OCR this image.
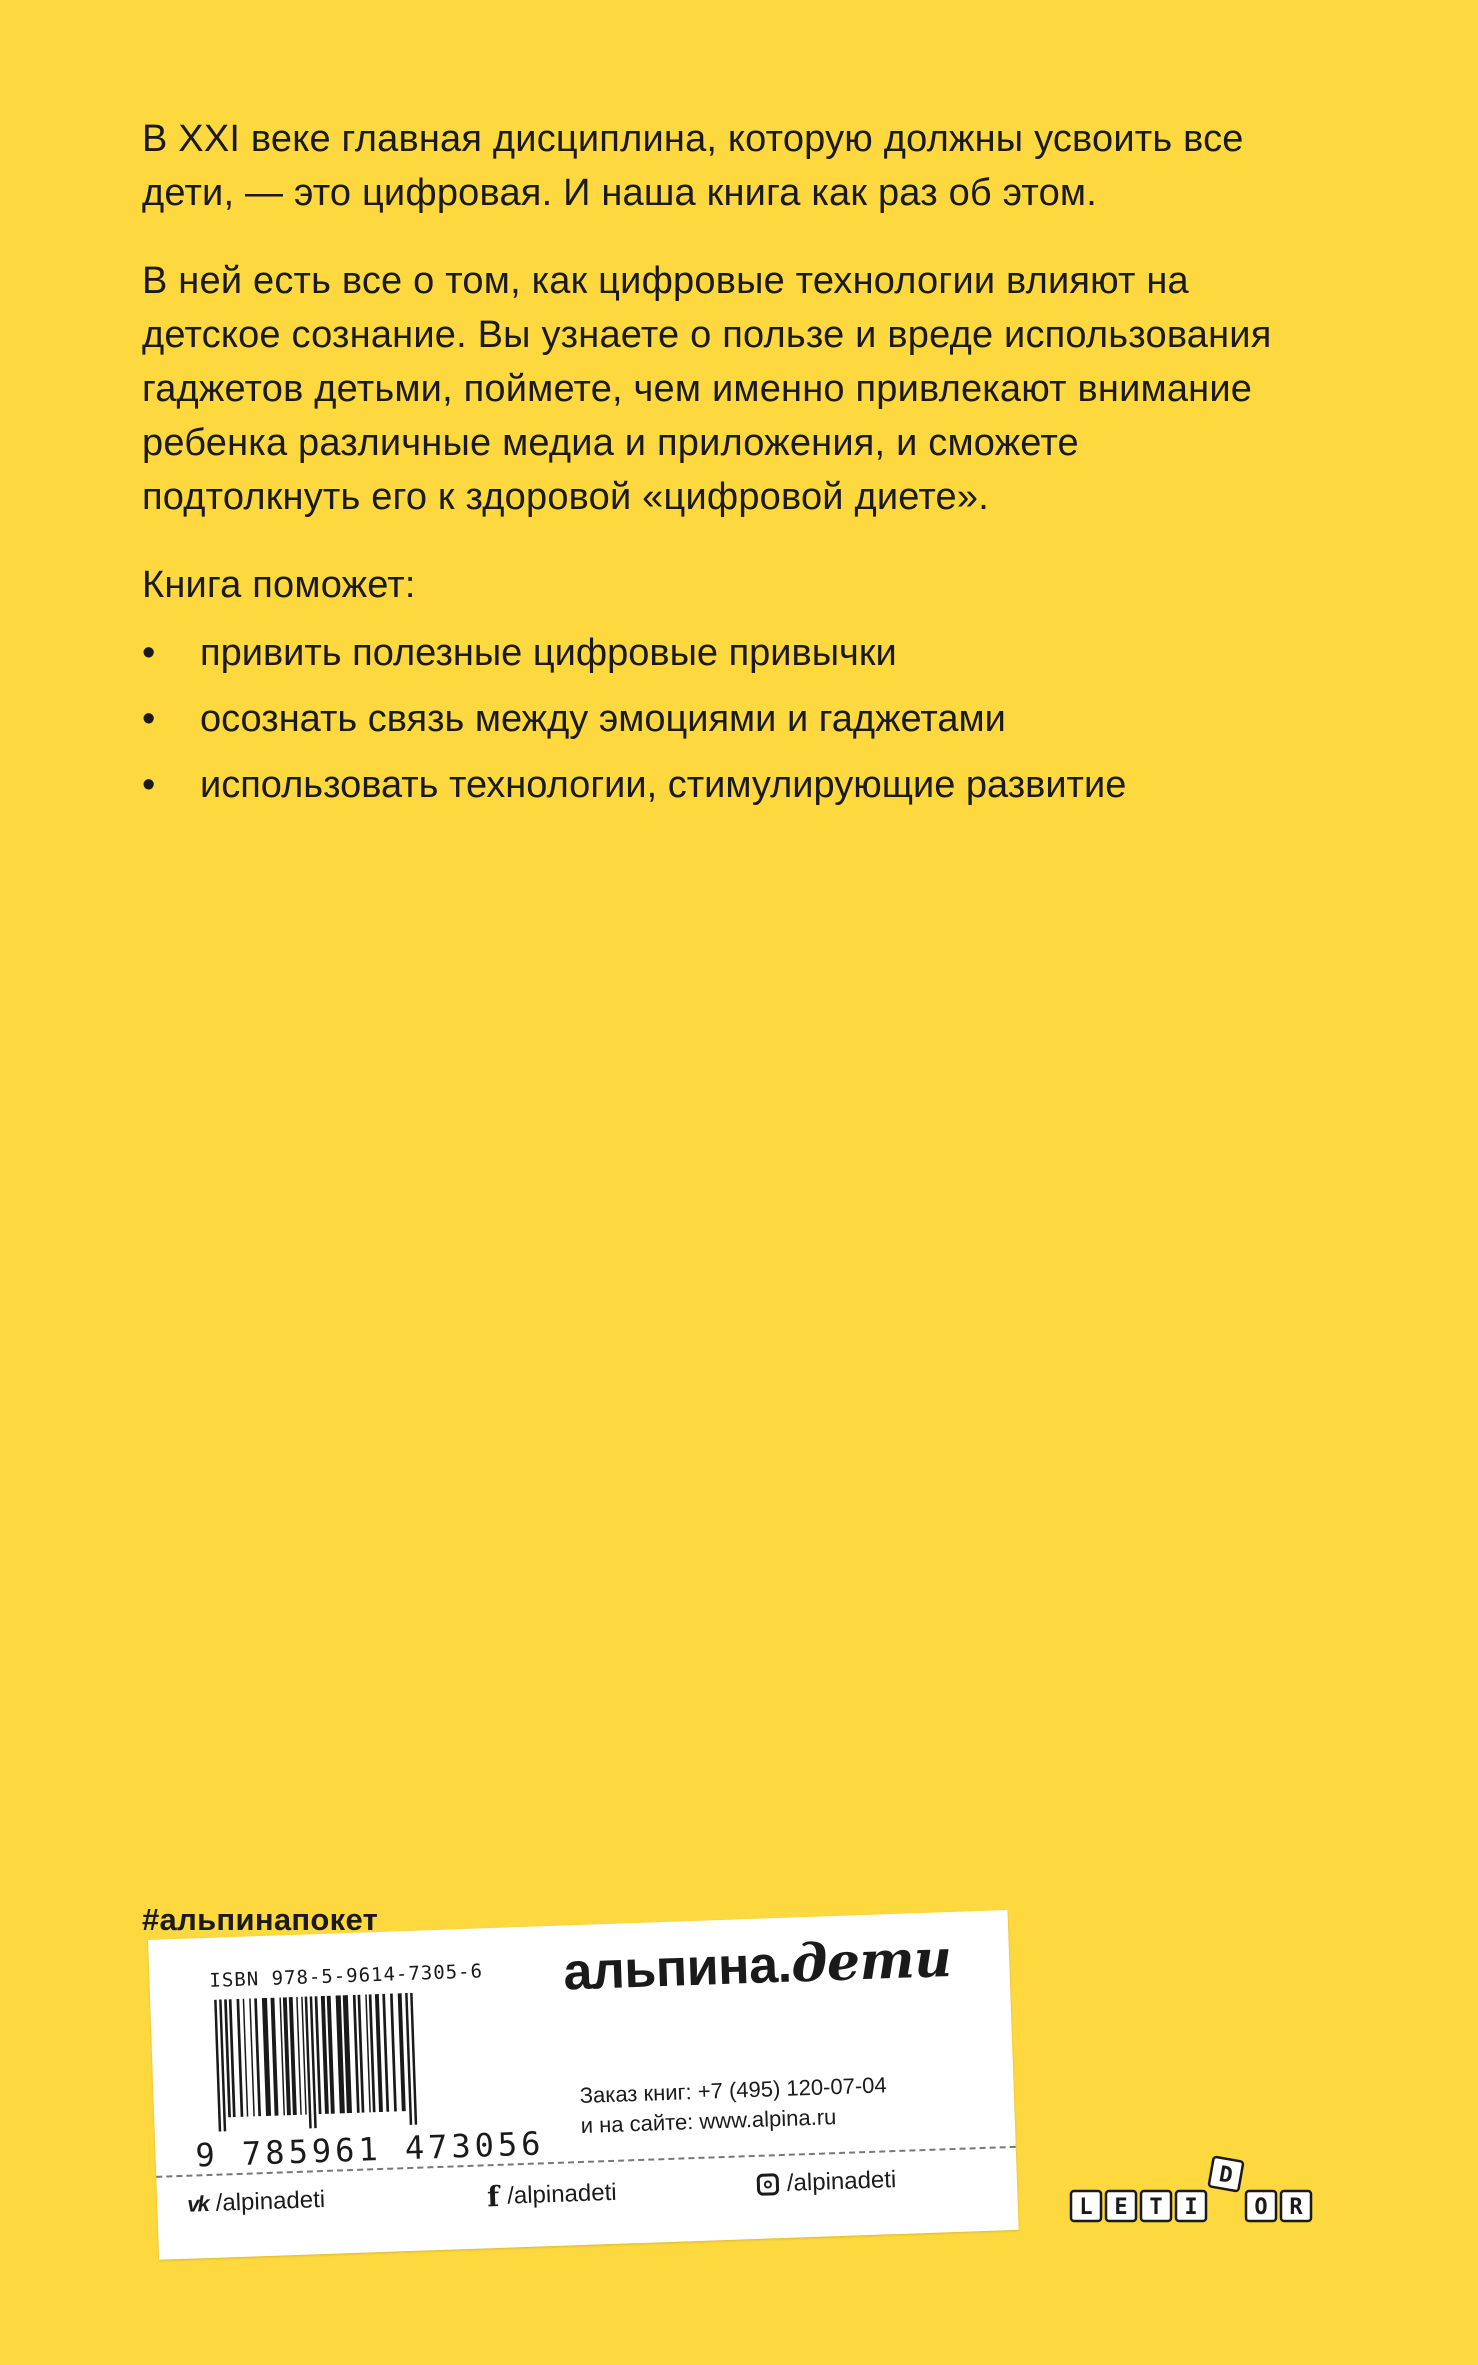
В XXI веке главная дисциплина, которую должны усвоить все дети, — это цифровая. И наша книга как раз об этом.

В ней есть все о том, как цифровые технологии влияют на детское сознание. Вы узнаете о пользе и вреде использования гаджетов детьми, поймете, чем именно привлекают внимание ребенка различные медиа и приложения, и сможете подтолкнуть его к здоровой «цифровой диете».

Книга поможет:

• привить полезные цифровые привычки
• осознать связь между эмоциями и гаджетами
• использовать технологии, стимулирующие развитие
#альпинапокет
ISBN 978-5-9614-7305-6
9 785961 473056
альпина.дети
Заказ книг: +7 (495) 120-07-04
и на сайте: www.alpina.ru
vk /alpinadeti	f /alpinadeti	/alpinadeti
L E T I
D
O R
